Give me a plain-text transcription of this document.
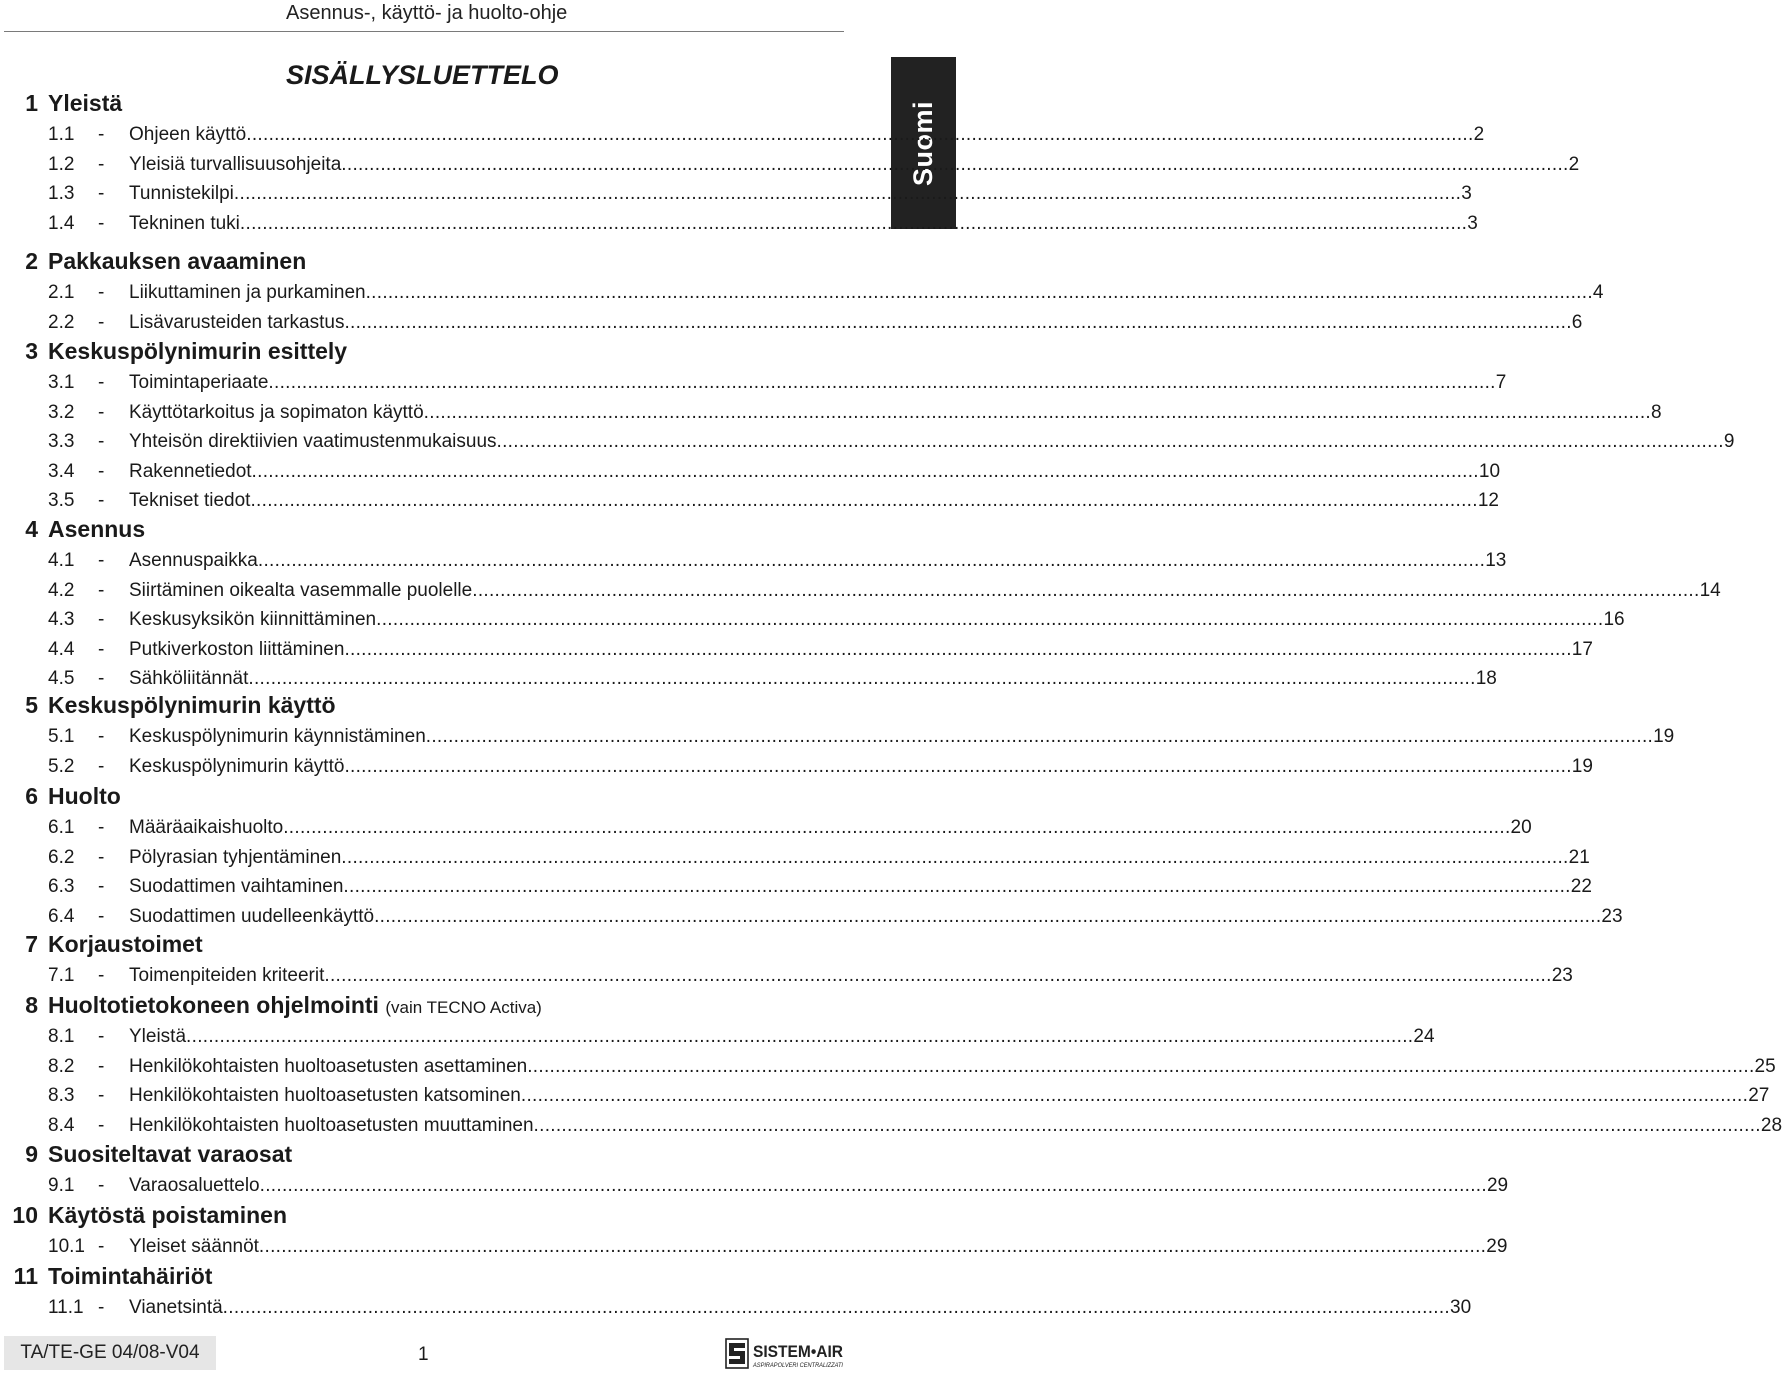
Asennus-, käyttö- ja huolto-ohje
Suomi
SISÄLLYSLUETTELO
1 Yleistä
1.1 - Ohjeen käyttö ............................................................................................................................................................................................................................ 2
1.2 - Yleisiä turvallisuusohjeita ............................................................................................................................................................................................................................ 2
1.3 - Tunnistekilpi ............................................................................................................................................................................................................................ 3
1.4 - Tekninen tuki ............................................................................................................................................................................................................................ 3
2 Pakkauksen avaaminen
2.1 - Liikuttaminen ja purkaminen ............................................................................................................................................................................................................................ 4
2.2 - Lisävarusteiden tarkastus ............................................................................................................................................................................................................................ 6
3 Keskuspölynimurin esittely
3.1 - Toimintaperiaate ............................................................................................................................................................................................................................ 7
3.2 - Käyttötarkoitus ja sopimaton käyttö ............................................................................................................................................................................................................................ 8
3.3 - Yhteisön direktiivien vaatimustenmukaisuus ............................................................................................................................................................................................................................ 9
3.4 - Rakennetiedot ............................................................................................................................................................................................................................ 10
3.5 - Tekniset tiedot ............................................................................................................................................................................................................................ 12
4 Asennus
4.1 - Asennuspaikka ............................................................................................................................................................................................................................ 13
4.2 - Siirtäminen oikealta vasemmalle puolelle ............................................................................................................................................................................................................................ 14
4.3 - Keskusyksikön kiinnittäminen ............................................................................................................................................................................................................................ 16
4.4 - Putkiverkoston liittäminen ............................................................................................................................................................................................................................ 17
4.5 - Sähköliitännät ............................................................................................................................................................................................................................ 18
5 Keskuspölynimurin käyttö
5.1 - Keskuspölynimurin käynnistäminen ............................................................................................................................................................................................................................ 19
5.2 - Keskuspölynimurin käyttö ............................................................................................................................................................................................................................ 19
6 Huolto
6.1 - Määräaikaishuolto ............................................................................................................................................................................................................................ 20
6.2 - Pölyrasian tyhjentäminen ............................................................................................................................................................................................................................ 21
6.3 - Suodattimen vaihtaminen ............................................................................................................................................................................................................................ 22
6.4 - Suodattimen uudelleenkäyttö ............................................................................................................................................................................................................................ 23
7 Korjaustoimet
7.1 - Toimenpiteiden kriteerit ............................................................................................................................................................................................................................ 23
8 Huoltotietokoneen ohjelmointi (vain TECNO Activa)
8.1 - Yleistä ............................................................................................................................................................................................................................ 24
8.2 - Henkilökohtaisten huoltoasetusten asettaminen ............................................................................................................................................................................................................................ 25
8.3 - Henkilökohtaisten huoltoasetusten katsominen ............................................................................................................................................................................................................................ 27
8.4 - Henkilökohtaisten huoltoasetusten muuttaminen ............................................................................................................................................................................................................................ 28
9 Suositeltavat varaosat
9.1 - Varaosaluettelo ............................................................................................................................................................................................................................ 29
10 Käytöstä poistaminen
10.1 - Yleiset säännöt ............................................................................................................................................................................................................................ 29
11 Toimintahäiriöt
11.1 - Vianetsintä ............................................................................................................................................................................................................................ 30
TA/TE-GE 04/08-V04	1	SISTEM•AIR
ASPIRAPOLVERI CENTRALIZZATI
